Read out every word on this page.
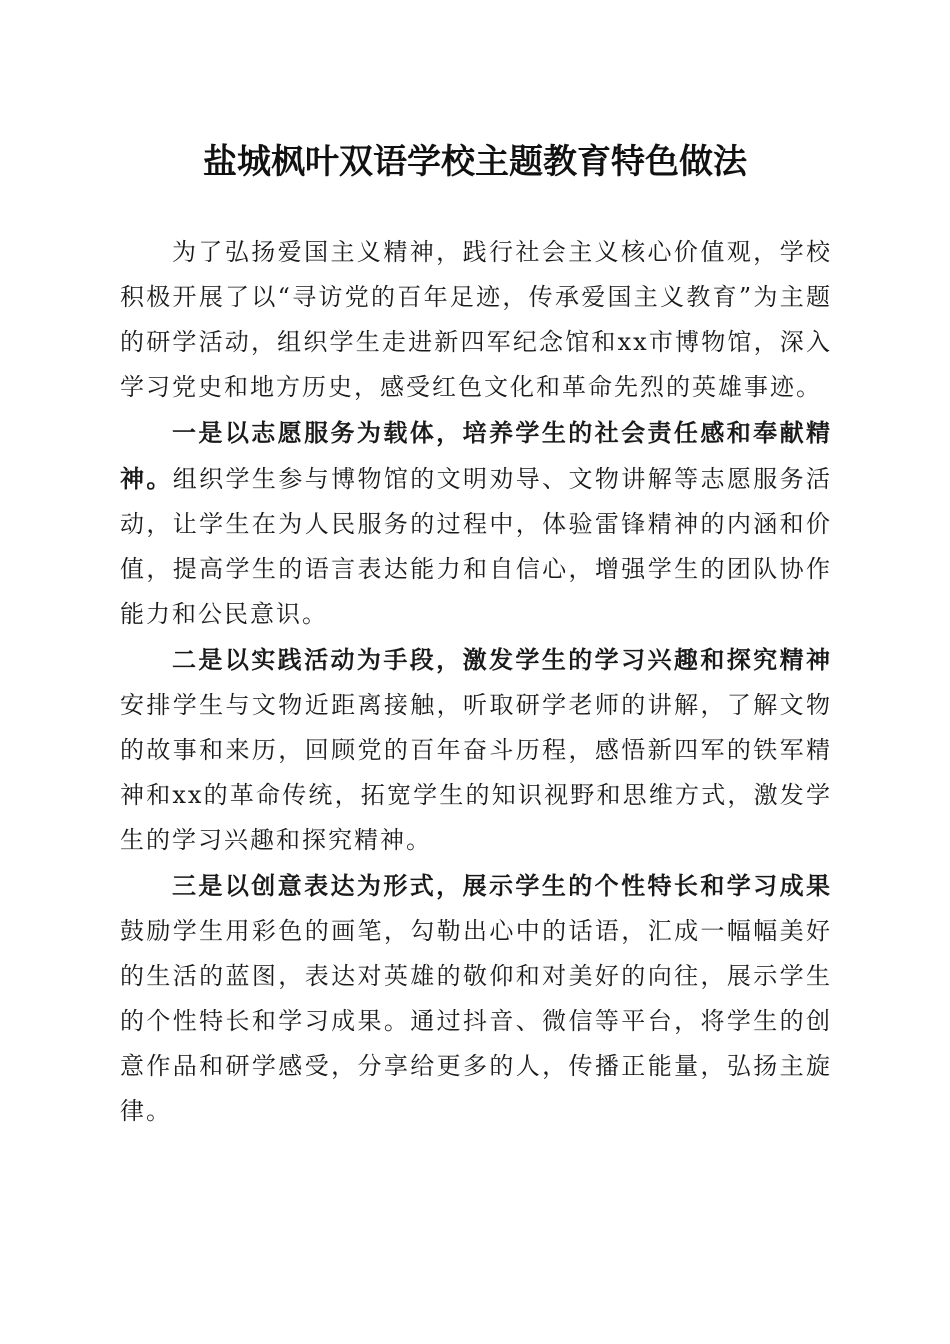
盐城枫叶双语学校主题教育特色做法

为了弘扬爱国主义精神，践行社会主义核心价值观，学校积极开展了以“寻访党的百年足迹，传承爱国主义教育”为主题的研学活动，组织学生走进新四军纪念馆和xx市博物馆，深入学习党史和地方历史，感受红色文化和革命先烈的英雄事迹。

一是以志愿服务为载体，培养学生的社会责任感和奉献精神。组织学生参与博物馆的文明劝导、文物讲解等志愿服务活动，让学生在为人民服务的过程中，体验雷锋精神的内涵和价值，提高学生的语言表达能力和自信心，增强学生的团队协作能力和公民意识。

二是以实践活动为手段，激发学生的学习兴趣和探究精神安排学生与文物近距离接触，听取研学老师的讲解，了解文物的故事和来历，回顾党的百年奋斗历程，感悟新四军的铁军精神和xx的革命传统，拓宽学生的知识视野和思维方式，激发学生的学习兴趣和探究精神。

三是以创意表达为形式，展示学生的个性特长和学习成果鼓励学生用彩色的画笔，勾勒出心中的话语，汇成一幅幅美好的生活的蓝图，表达对英雄的敬仰和对美好的向往，展示学生的个性特长和学习成果。通过抖音、微信等平台，将学生的创意作品和研学感受，分享给更多的人，传播正能量，弘扬主旋律。
